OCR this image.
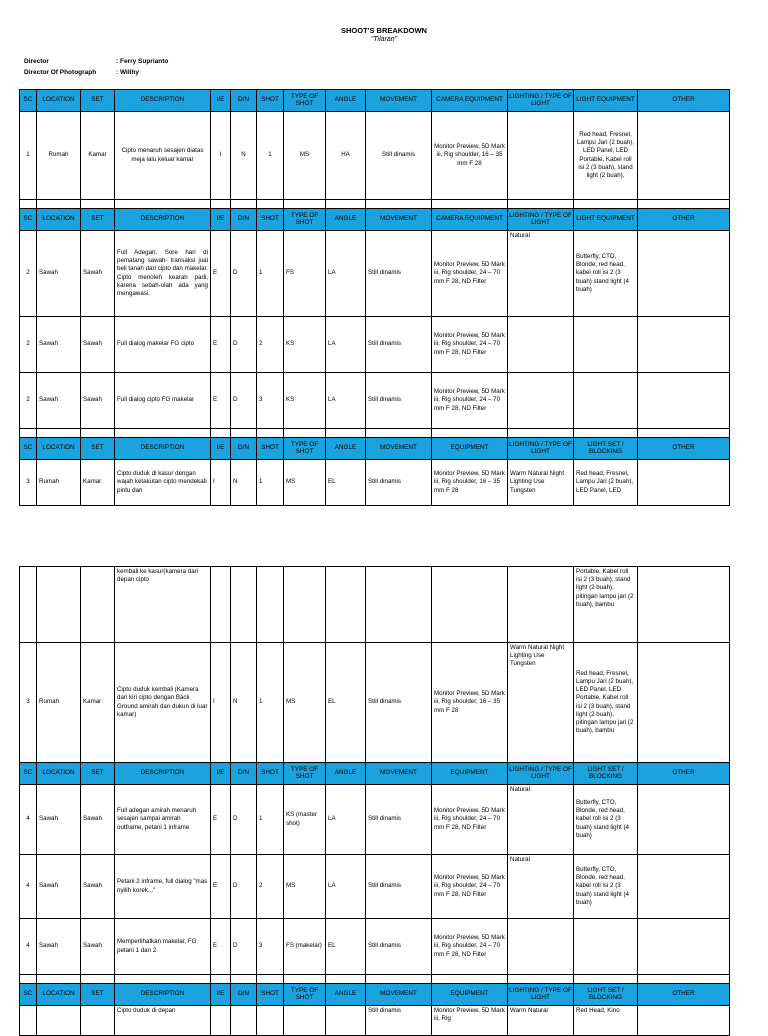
SHOOT'S BREAKDOWN
"Tilaran"
Director	: Ferry Suprianto
Director Of Photograph	: Willhy
SC	LOCATION	SET	DESCRIPTION	I/E	D/N	SHOT	TYPE OF SHOT	ANGLE	MOVEMENT	CAMERA EQUIPMENT	LIGHTING / TYPE OF LIGHT	LIGHT EQUIPMENT	OTHER
1	Rumah	Kamar	Cipto menaruh sesajen diatas meja lalu keluar kamar	I	N	1	MS	HA	Still dinamis	Monitor Preview, 5D Mark iii, Rig shoulder, 16 – 35 mm F 28		Red head, Fresnel, Lampu Jari (2 buah), LED Panel, LED Portable, Kabel roll isi 2 (3 buah), stand light (2 buah),	

SC	LOCATION	SET	DESCRIPTION	I/E	D/N	SHOT	TYPE OF SHOT	ANGLE	MOVEMENT	CAMERA EQUIPMENT	LIGHTING / TYPE OF LIGHT	LIGHT EQUIPMENT	OTHER
2	Sawah	Sawah	Full Adegan. Sore hari di pematang sawah- transaksi jual beli tanah dari cipto dan makelar. Cipto menoleh kearah padi, karena sebah-olah ada yang mengawasi.	E	D	1	FS	LA	Still dinamis	Monitor Preview, 5D Mark iii, Rig shoulder, 24 – 70 mm F 28, ND Filter	Natural	Butterfly, CTO, Blonde, red head, kabel roll isi 2 (3 buah) stand light (4 buah)	
2	Sawah	Sawah	Full dialog makelar FG cipto	E	D	2	KS	LA	Still dinamis	Monitor Preview, 5D Mark iii, Rig shoulder, 24 – 70 mm F 28, ND Filter			
2	Sawah	Sawah	Full dialog cipto FG makelar	E	D	3	KS	LA	Still dinamis	Monitor Preview, 5D Mark iii, Rig shoulder, 24 – 70 mm F 28, ND Filter			

SC	LOCATION	SET	DESCRIPTION	I/E	D/N	SHOT	TYPE OF SHOT	ANGLE	MOVEMENT	EQUIPMENT	LIGHTING / TYPE OF LIGHT	LIGHT SET / BLOCKING	OTHER
3	Rumah	Kamar	Cipto duduk di kasur dengan wajah ketakutan cipto mendekati pintu dan	I	N	1	MS	EL	Still dinamis	Monitor Preview, 5D Mark iii, Rig shoulder, 16 – 35 mm F 28	Warm Natural Night Lighting Use Tungsten	Red head, Fresnel, Lampu Jari (2 buah), LED Panel, LED	
			kembali ke kasur(kamera dari depan cipto									Portable, Kabel roll isi 2 (3 buah), stand light (2 buah), pitingan lampu jari (2 buah), bambu	
3	Rumah	Kamar	Cipto duduk kembali (Kamera dari kiri cipto dengan Back Ground amirah dan dukun di luar kamar)	I	N	1	MS	EL	Still dinamis	Monitor Preview, 5D Mark iii, Rig shoulder, 16 – 35 mm F 28	Warm Natural Night Lighting Use Tungsten	Red head, Fresnel, Lampu Jari (2 buah), LED Panel, LED Portable, Kabel roll isi 2 (3 buah), stand light (2 buah), pitingan lampu jari (2 buah), bambu	
SC	LOCATION	SET	DESCRIPTION	I/E	D/N	SHOT	TYPE OF SHOT	ANGLE	MOVEMENT	EQUIPMENT	LIGHTING / TYPE OF LIGHT	LIGHT SET / BLOCKING	OTHER
4	Sawah	Sawah	Full adegan amirah menaruh sesajen sampai amirah outframe, petani 1 inframe	E	D	1	KS (master shot)	LA	Still dinamis	Monitor Preview, 5D Mark iii, Rig shoulder, 24 – 70 mm F 28, ND Filter	Natural	Butterfly, CTO, Blonde, red head, kabel roll isi 2 (3 buah) stand light (4 buah)	
4	Sawah	Sawah	Petani 2 inframe, full dialog "mas nyilih korek..."	E	D	2	MS	LA	Still dinamis	Monitor Preview, 5D Mark iii, Rig shoulder, 24 – 70 mm F 28, ND Filter	Natural	Butterfly, CTO, Blonde, red head, kabel roll isi 2 (3 buah) stand light (4 buah)	
4	Sawah	Sawah	Memperlihatkan makelar, FG petani 1 dan 2	E	D	3	FS (makelar)	EL	Still dinamis	Monitor Preview, 5D Mark iii, Rig shoulder, 24 – 70 mm F 28, ND Filter			

SC	LOCATION	SET	DESCRIPTION	I/E	D/N	SHOT	TYPE OF SHOT	ANGLE	MOVEMENT	EQUIPMENT	LIGHTING / TYPE OF LIGHT	LIGHT SET / BLOCKING	OTHER
			Cipto duduk di depan						Still dinamis	Monitor Preview, 5D Mark iii, Rig	Warm Natural	Red Head, Kino	
